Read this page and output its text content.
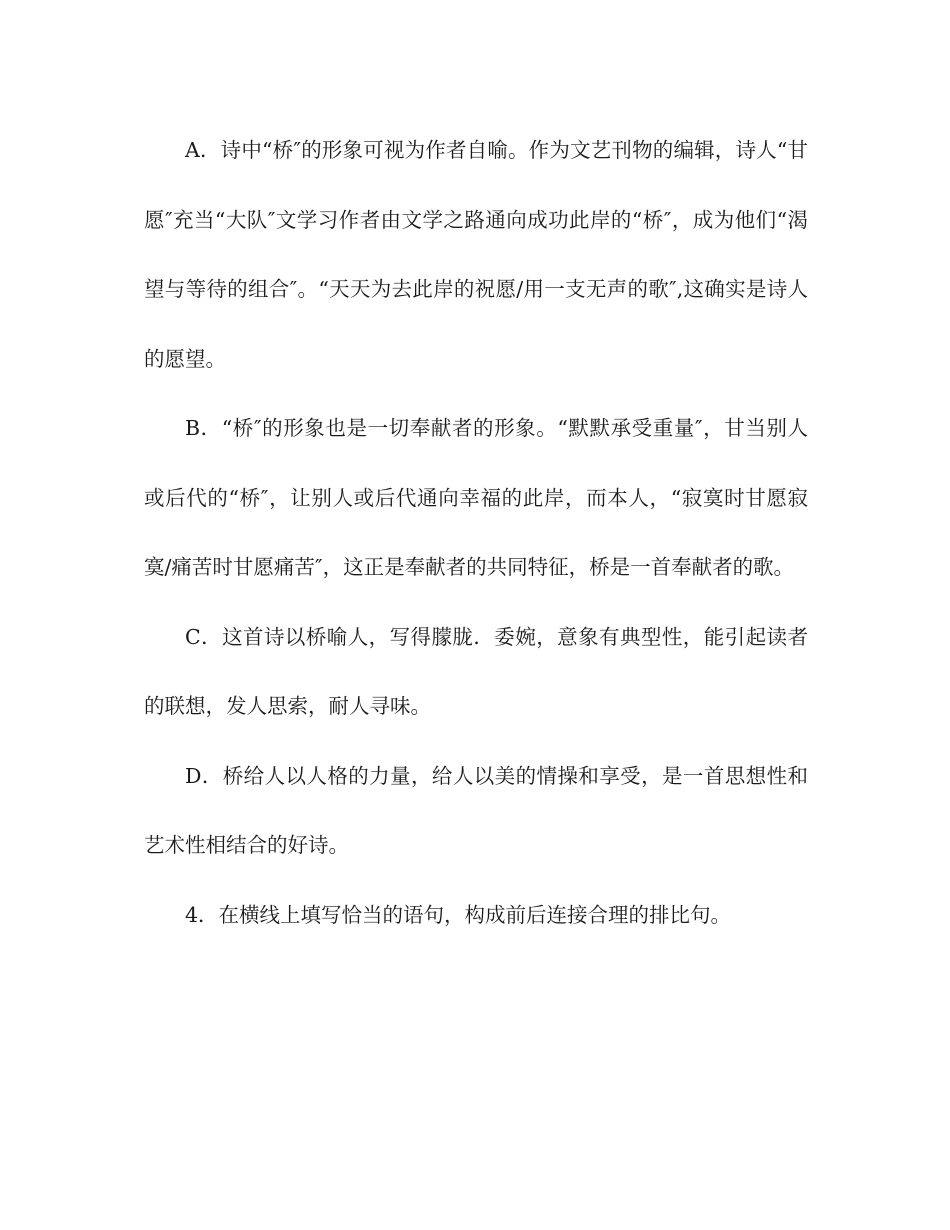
A．诗中“桥″的形象可视为作者自喻。作为文艺刊物的编辑，诗人“甘愿″充当“大队″文学习作者由文学之路通向成功此岸的“桥″，成为他们“渴望与等待的组合″。“天天为去此岸的祝愿/用一支无声的歌″,这确实是诗人的愿望。

B．“桥″的形象也是一切奉献者的形象。“默默承受重量″，甘当别人或后代的“桥″，让别人或后代通向幸福的此岸，而本人，“寂寞时甘愿寂寞/痛苦时甘愿痛苦″，这正是奉献者的共同特征，桥是一首奉献者的歌。

C．这首诗以桥喻人，写得朦胧．委婉，意象有典型性，能引起读者的联想，发人思索，耐人寻味。

D．桥给人以人格的力量，给人以美的情操和享受，是一首思想性和艺术性相结合的好诗。

4．在横线上填写恰当的语句，构成前后连接合理的排比句。
